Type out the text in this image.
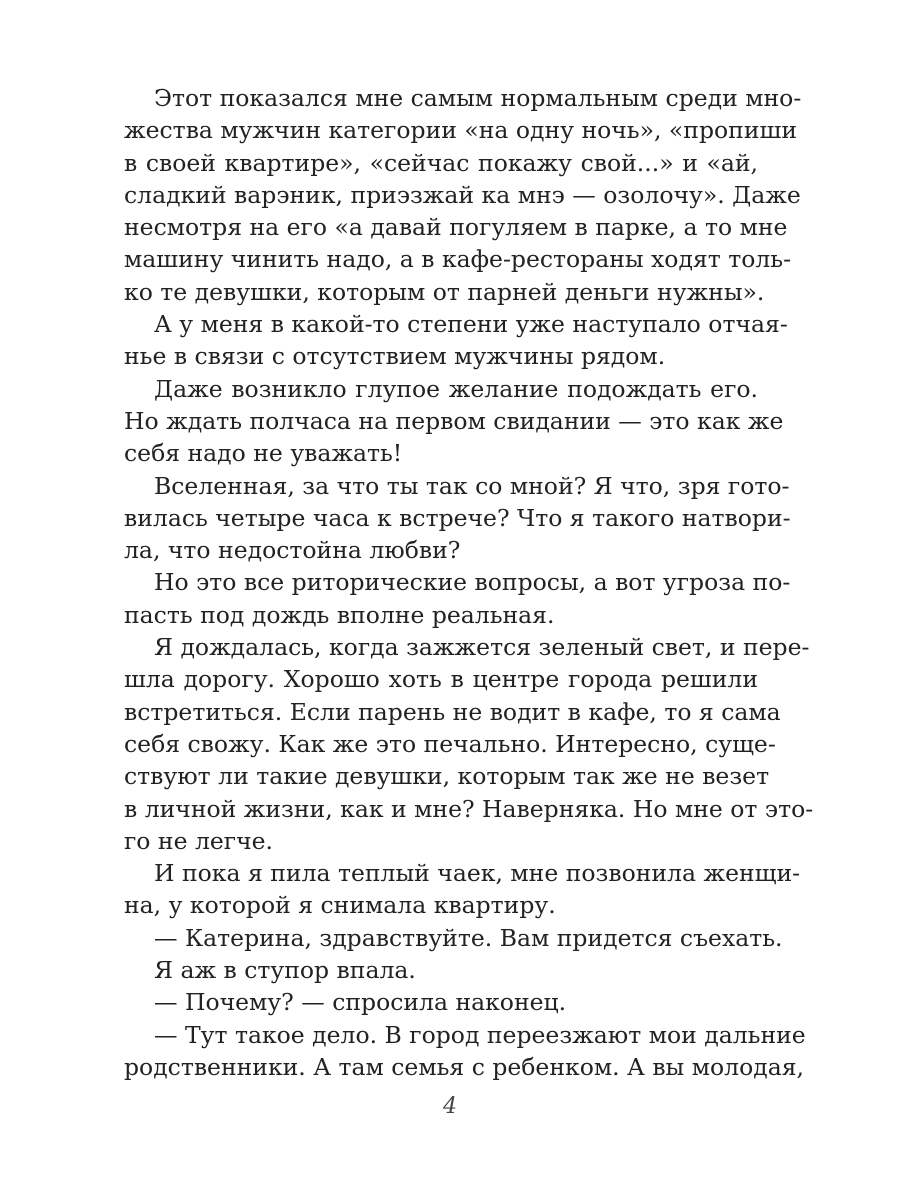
Этот показался мне самым нормальным среди мно-
жества мужчин категории «на одну ночь», «пропиши
в своей квартире», «сейчас покажу свой...» и «ай,
сладкий варэник, приэзжай ка мнэ — озолочу». Даже
несмотря на его «а давай погуляем в парке, а то мне
машину чинить надо, а в кафе-рестораны ходят толь-
ко те девушки, которым от парней деньги нужны».
А у меня в какой-то степени уже наступало отчая-
нье в связи с отсутствием мужчины рядом.
Даже возникло глупое желание подождать его.
Но ждать полчаса на первом свидании — это как же
себя надо не уважать!
Вселенная, за что ты так со мной? Я что, зря гото-
вилась четыре часа к встрече? Что я такого натвори-
ла, что недостойна любви?
Но это все риторические вопросы, а вот угроза по-
пасть под дождь вполне реальная.
Я дождалась, когда зажжется зеленый свет, и пере-
шла дорогу. Хорошо хоть в центре города решили
встретиться. Если парень не водит в кафе, то я сама
себя свожу. Как же это печально. Интересно, суще-
ствуют ли такие девушки, которым так же не везет
в личной жизни, как и мне? Наверняка. Но мне от это-
го не легче.
И пока я пила теплый чаек, мне позвонила женщи-
на, у которой я снимала квартиру.
— Катерина, здравствуйте. Вам придется съехать.
Я аж в ступор впала.
— Почему? — спросила наконец.
— Тут такое дело. В город переезжают мои дальние
родственники. А там семья с ребенком. А вы молодая,
4
